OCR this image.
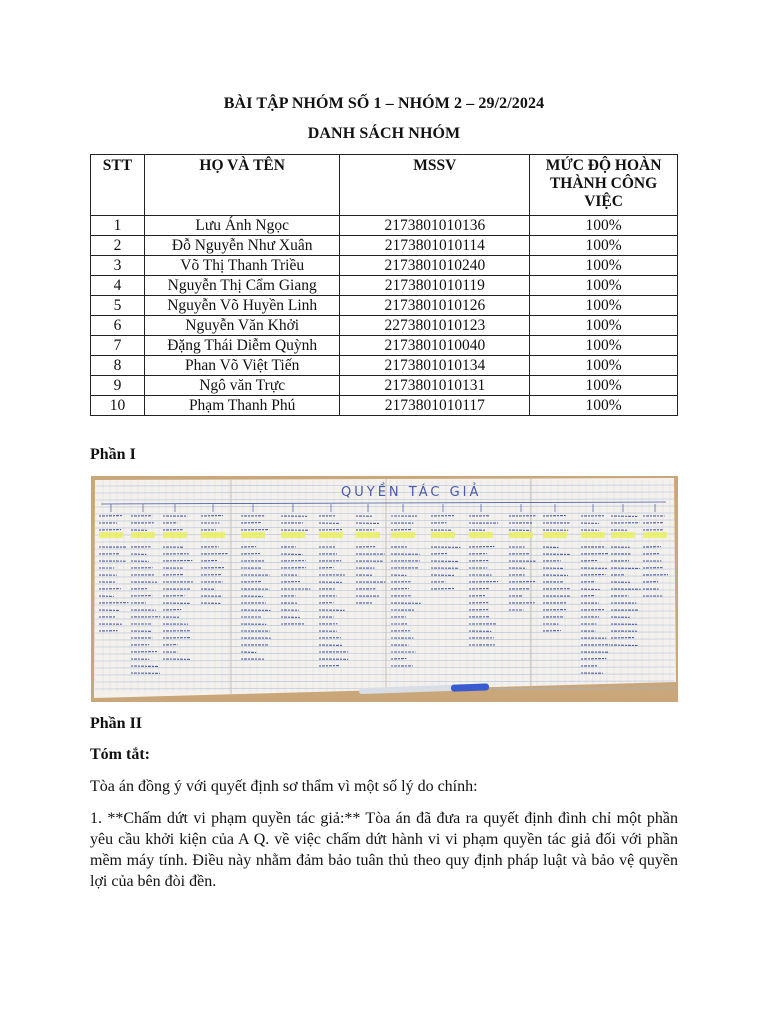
BÀI TẬP NHÓM SỐ 1 – NHÓM 2 – 29/2/2024
DANH SÁCH NHÓM
STT	HỌ VÀ TÊN	MSSV	MỨC ĐỘ HOÀN THÀNH CÔNG VIỆC
1	Lưu Ánh Ngọc	2173801010136	100%
2	Đỗ Nguyễn Như Xuân	2173801010114	100%
3	Võ Thị Thanh Triều	2173801010240	100%
4	Nguyễn Thị Cẩm Giang	2173801010119	100%
5	Nguyễn Võ Huyền Linh	2173801010126	100%
6	Nguyễn Văn Khởi	2273801010123	100%
7	Đặng Thái Diễm Quỳnh	2173801010040	100%
8	Phan Võ Việt Tiến	2173801010134	100%
9	Ngô văn Trực	2173801010131	100%
10	Phạm Thanh Phú	2173801010117	100%
Phần I
QUYỀN TÁC GIẢ
Phần II
Tóm tắt:
Tòa án đồng ý với quyết định sơ thẩm vì một số lý do chính:
1. **Chấm dứt vi phạm quyền tác giả:** Tòa án đã đưa ra quyết định đình chỉ một phần yêu cầu khởi kiện của A Q. về việc chấm dứt hành vi vi phạm quyền tác giả đối với phần mềm máy tính. Điều này nhằm đảm bảo tuân thủ theo quy định pháp luật và bảo vệ quyền lợi của bên đòi đền.
